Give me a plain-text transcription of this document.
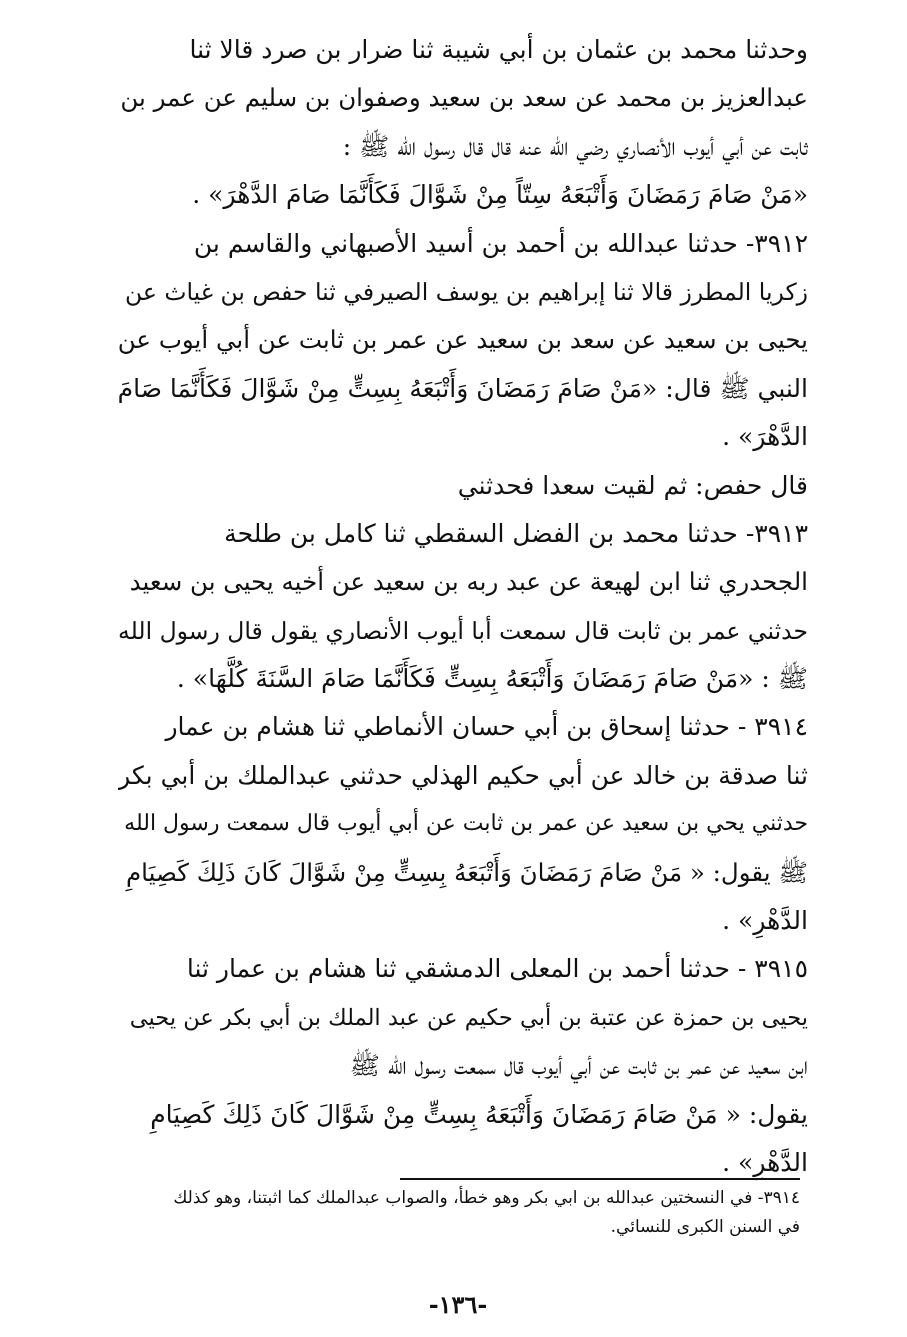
وحدثنا محمد بن عثمان بن أبي شيبة ثنا ضرار بن صرد قالا ثنا
عبدالعزيز بن محمد عن سعد بن سعيد وصفوان بن سليم عن عمر بن
ثابت عن أبي أيوب الأنصاري رضي الله عنه قال قال رسول الله ﷺ :
«مَنْ صَامَ رَمَضَانَ وَأَتْبَعَهُ سِتّاً مِنْ شَوَّالَ فَكَأَنَّمَا صَامَ الدَّهْرَ» .
٣٩١٢- حدثنا عبدالله بن أحمد بن أسيد الأصبهاني والقاسم بن
زكريا المطرز قالا ثنا إبراهيم بن يوسف الصيرفي ثنا حفص بن غياث عن
يحيى بن سعيد عن سعد بن سعيد عن عمر بن ثابت عن أبي أيوب عن
النبي ﷺ قال: «مَنْ صَامَ رَمَضَانَ وَأَتْبَعَهُ بِسِتٍّ مِنْ شَوَّالَ فَكَأَنَّمَا صَامَ
الدَّهْرَ» .
قال حفص: ثم لقيت سعدا فحدثني
٣٩١٣- حدثنا محمد بن الفضل السقطي ثنا كامل بن طلحة
الجحدري ثنا ابن لهيعة عن عبد ربه بن سعيد عن أخيه يحيى بن سعيد
حدثني عمر بن ثابت قال سمعت أبا أيوب الأنصاري يقول قال رسول الله
ﷺ : «مَنْ صَامَ رَمَضَانَ وَأَتْبَعَهُ بِسِتٍّ فَكَأَنَّمَا صَامَ السَّنَةَ كُلَّهَا» .
٣٩١٤ - حدثنا إسحاق بن أبي حسان الأنماطي ثنا هشام بن عمار
ثنا صدقة بن خالد عن أبي حكيم الهذلي حدثني عبدالملك بن أبي بكر
حدثني يحي بن سعيد عن عمر بن ثابت عن أبي أيوب قال سمعت رسول الله
ﷺ يقول: « مَنْ صَامَ رَمَضَانَ وَأَتْبَعَهُ بِسِتٍّ مِنْ شَوَّالَ كَانَ ذَلِكَ كَصِيَامِ
الدَّهْرِ» .
٣٩١٥ - حدثنا أحمد بن المعلى الدمشقي ثنا هشام بن عمار ثنا
يحيى بن حمزة عن عتبة بن أبي حكيم عن عبد الملك بن أبي بكر عن يحيى
ابن سعيد عن عمر بن ثابت عن أبي أيوب قال سمعت رسول الله ﷺ
يقول: « مَنْ صَامَ رَمَضَانَ وَأَتْبَعَهُ بِسِتٍّ مِنْ شَوَّالَ كَانَ ذَلِكَ كَصِيَامِ
الدَّهْرِ» .
٣٩١٤- في النسختين عبدالله بن ابي بكر وهو خطأ، والصواب عبدالملك كما اثبتنا، وهو كذلك
في السنن الكبرى للنسائي.
-١٣٦-
